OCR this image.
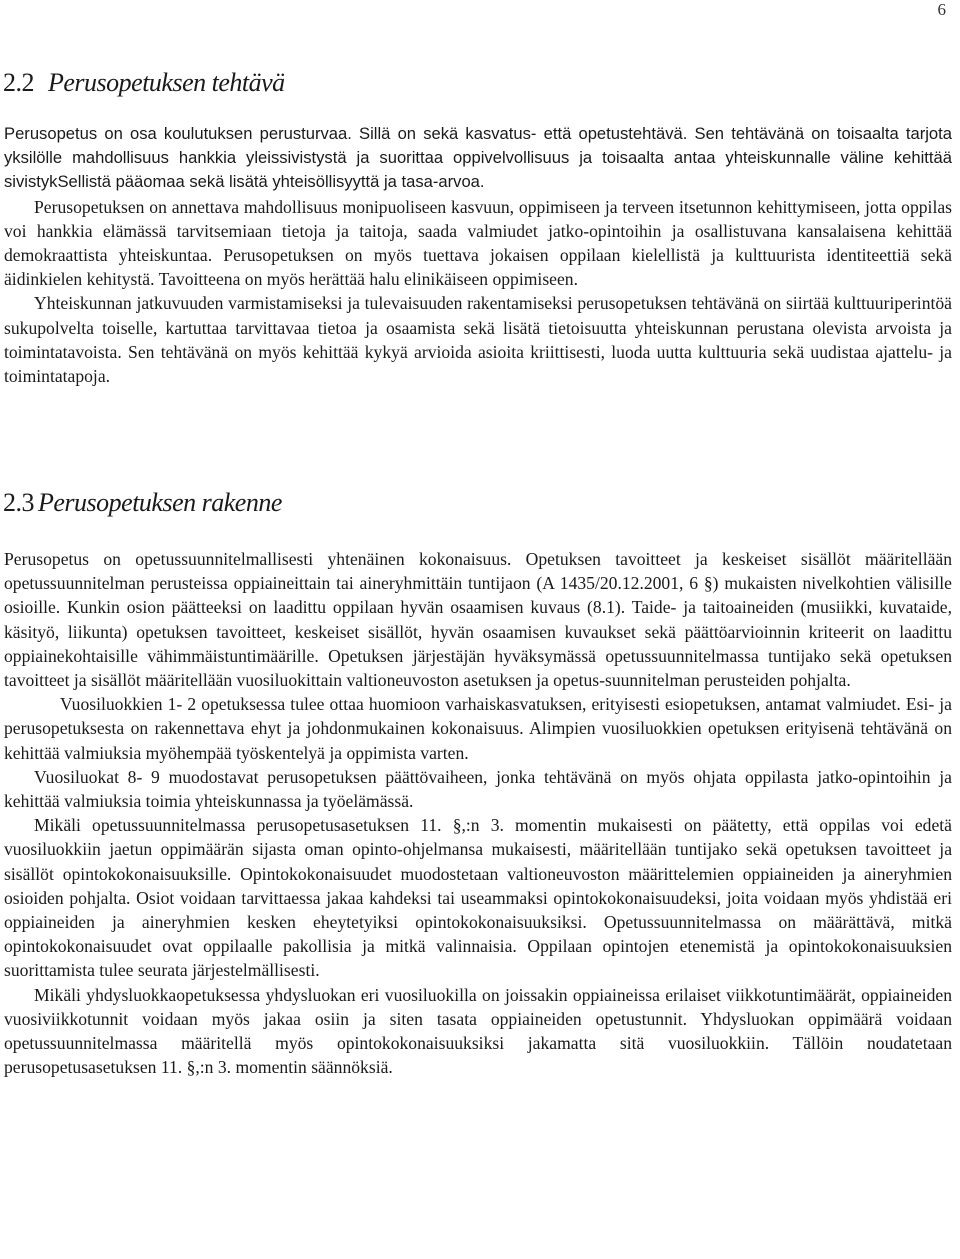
6
2.2 Perusopetuksen tehtävä

Perusopetus on osa koulutuksen perusturvaa. Sillä on sekä kasvatus- että opetustehtävä. Sen tehtävänä on toisaalta tarjota yksilölle mahdollisuus hankkia yleissivistystä ja suorittaa oppivelvollisuus ja toisaalta antaa yhteiskunnalle väline kehittää sivistykSellistä pääomaa sekä lisätä yhteisöllisyyttä ja tasa-arvoa.

Perusopetuksen on annettava mahdollisuus monipuoliseen kasvuun, oppimiseen ja terveen itsetunnon kehittymiseen, jotta oppilas voi hankkia elämässä tarvitsemiaan tietoja ja taitoja, saada valmiudet jatko-opintoihin ja osallistuvana kansalaisena kehittää demokraattista yhteiskuntaa. Perusopetuksen on myös tuettava jokaisen oppilaan kielellistä ja kulttuurista identiteettiä sekä äidinkielen kehitystä. Tavoitteena on myös herättää halu elinikäiseen oppimiseen.

Yhteiskunnan jatkuvuuden varmistamiseksi ja tulevaisuuden rakentamiseksi perusopetuksen tehtävänä on siirtää kulttuuriperintöä sukupolvelta toiselle, kartuttaa tarvittavaa tietoa ja osaamista sekä lisätä tietoisuutta yhteiskunnan perustana olevista arvoista ja toimintatavoista. Sen tehtävänä on myös kehittää kykyä arvioida asioita kriittisesti, luoda uutta kulttuuria sekä uudistaa ajattelu- ja toimintatapoja.

2.3 Perusopetuksen rakenne

Perusopetus on opetussuunnitelmallisesti yhtenäinen kokonaisuus. Opetuksen tavoitteet ja keskeiset sisällöt määritellään opetussuunnitelman perusteissa oppiaineittain tai aineryhmittäin tuntijaon (A 1435/20.12.2001, 6 §) mukaisten nivelkohtien välisille osioille. Kunkin osion päätteeksi on laadittu oppilaan hyvän osaamisen kuvaus (8.1). Taide- ja taitoaineiden (musiikki, kuvataide, käsityö, liikunta) opetuksen tavoitteet, keskeiset sisällöt, hyvän osaamisen kuvaukset sekä päättöarvioinnin kriteerit on laadittu oppiainekohtaisille vähimmäistuntimäärille. Opetuksen järjestäjän hyväksymässä opetussuunnitelmassa tuntijako sekä opetuksen tavoitteet ja sisällöt määritellään vuosiluokittain valtioneuvoston asetuksen ja opetus-suunnitelman perusteiden pohjalta.

Vuosiluokkien 1- 2 opetuksessa tulee ottaa huomioon varhaiskasvatuksen, erityisesti esiopetuksen, antamat valmiudet. Esi- ja perusopetuksesta on rakennettava ehyt ja johdonmukainen kokonaisuus. Alimpien vuosiluokkien opetuksen erityisenä tehtävänä on kehittää valmiuksia myöhempää työskentelyä ja oppimista varten.

Vuosiluokat 8- 9 muodostavat perusopetuksen päättövaiheen, jonka tehtävänä on myös ohjata oppilasta jatko-opintoihin ja kehittää valmiuksia toimia yhteiskunnassa ja työelämässä.

Mikäli opetussuunnitelmassa perusopetusasetuksen 11. §,:n 3. momentin mukaisesti on päätetty, että oppilas voi edetä vuosiluokkiin jaetun oppimäärän sijasta oman opinto-ohjelmansa mukaisesti, määritellään tuntijako sekä opetuksen tavoitteet ja sisällöt opintokokonaisuuksille. Opintokokonaisuudet muodostetaan valtioneuvoston määrittelemien oppiaineiden ja aineryhmien osioiden pohjalta. Osiot voidaan tarvittaessa jakaa kahdeksi tai useammaksi opintokokonaisuudeksi, joita voidaan myös yhdistää eri oppiaineiden ja aineryhmien kesken eheytetyiksi opintokokonaisuuksiksi. Opetussuunnitelmassa on määrättävä, mitkä opintokokonaisuudet ovat oppilaalle pakollisia ja mitkä valinnaisia. Oppilaan opintojen etenemistä ja opintokokonaisuuksien suorittamista tulee seurata järjestelmällisesti.

Mikäli yhdysluokkaopetuksessa yhdysluokan eri vuosiluokilla on joissakin oppiaineissa erilaiset viikkotuntimäärät, oppiaineiden vuosiviikkotunnit voidaan myös jakaa osiin ja siten tasata oppiaineiden opetustunnit. Yhdysluokan oppimäärä voidaan opetussuunnitelmassa määritellä myös opintokokonaisuuksiksi jakamatta sitä vuosiluokkiin. Tällöin noudatetaan perusopetusasetuksen 11. §,:n 3. momentin säännöksiä.
